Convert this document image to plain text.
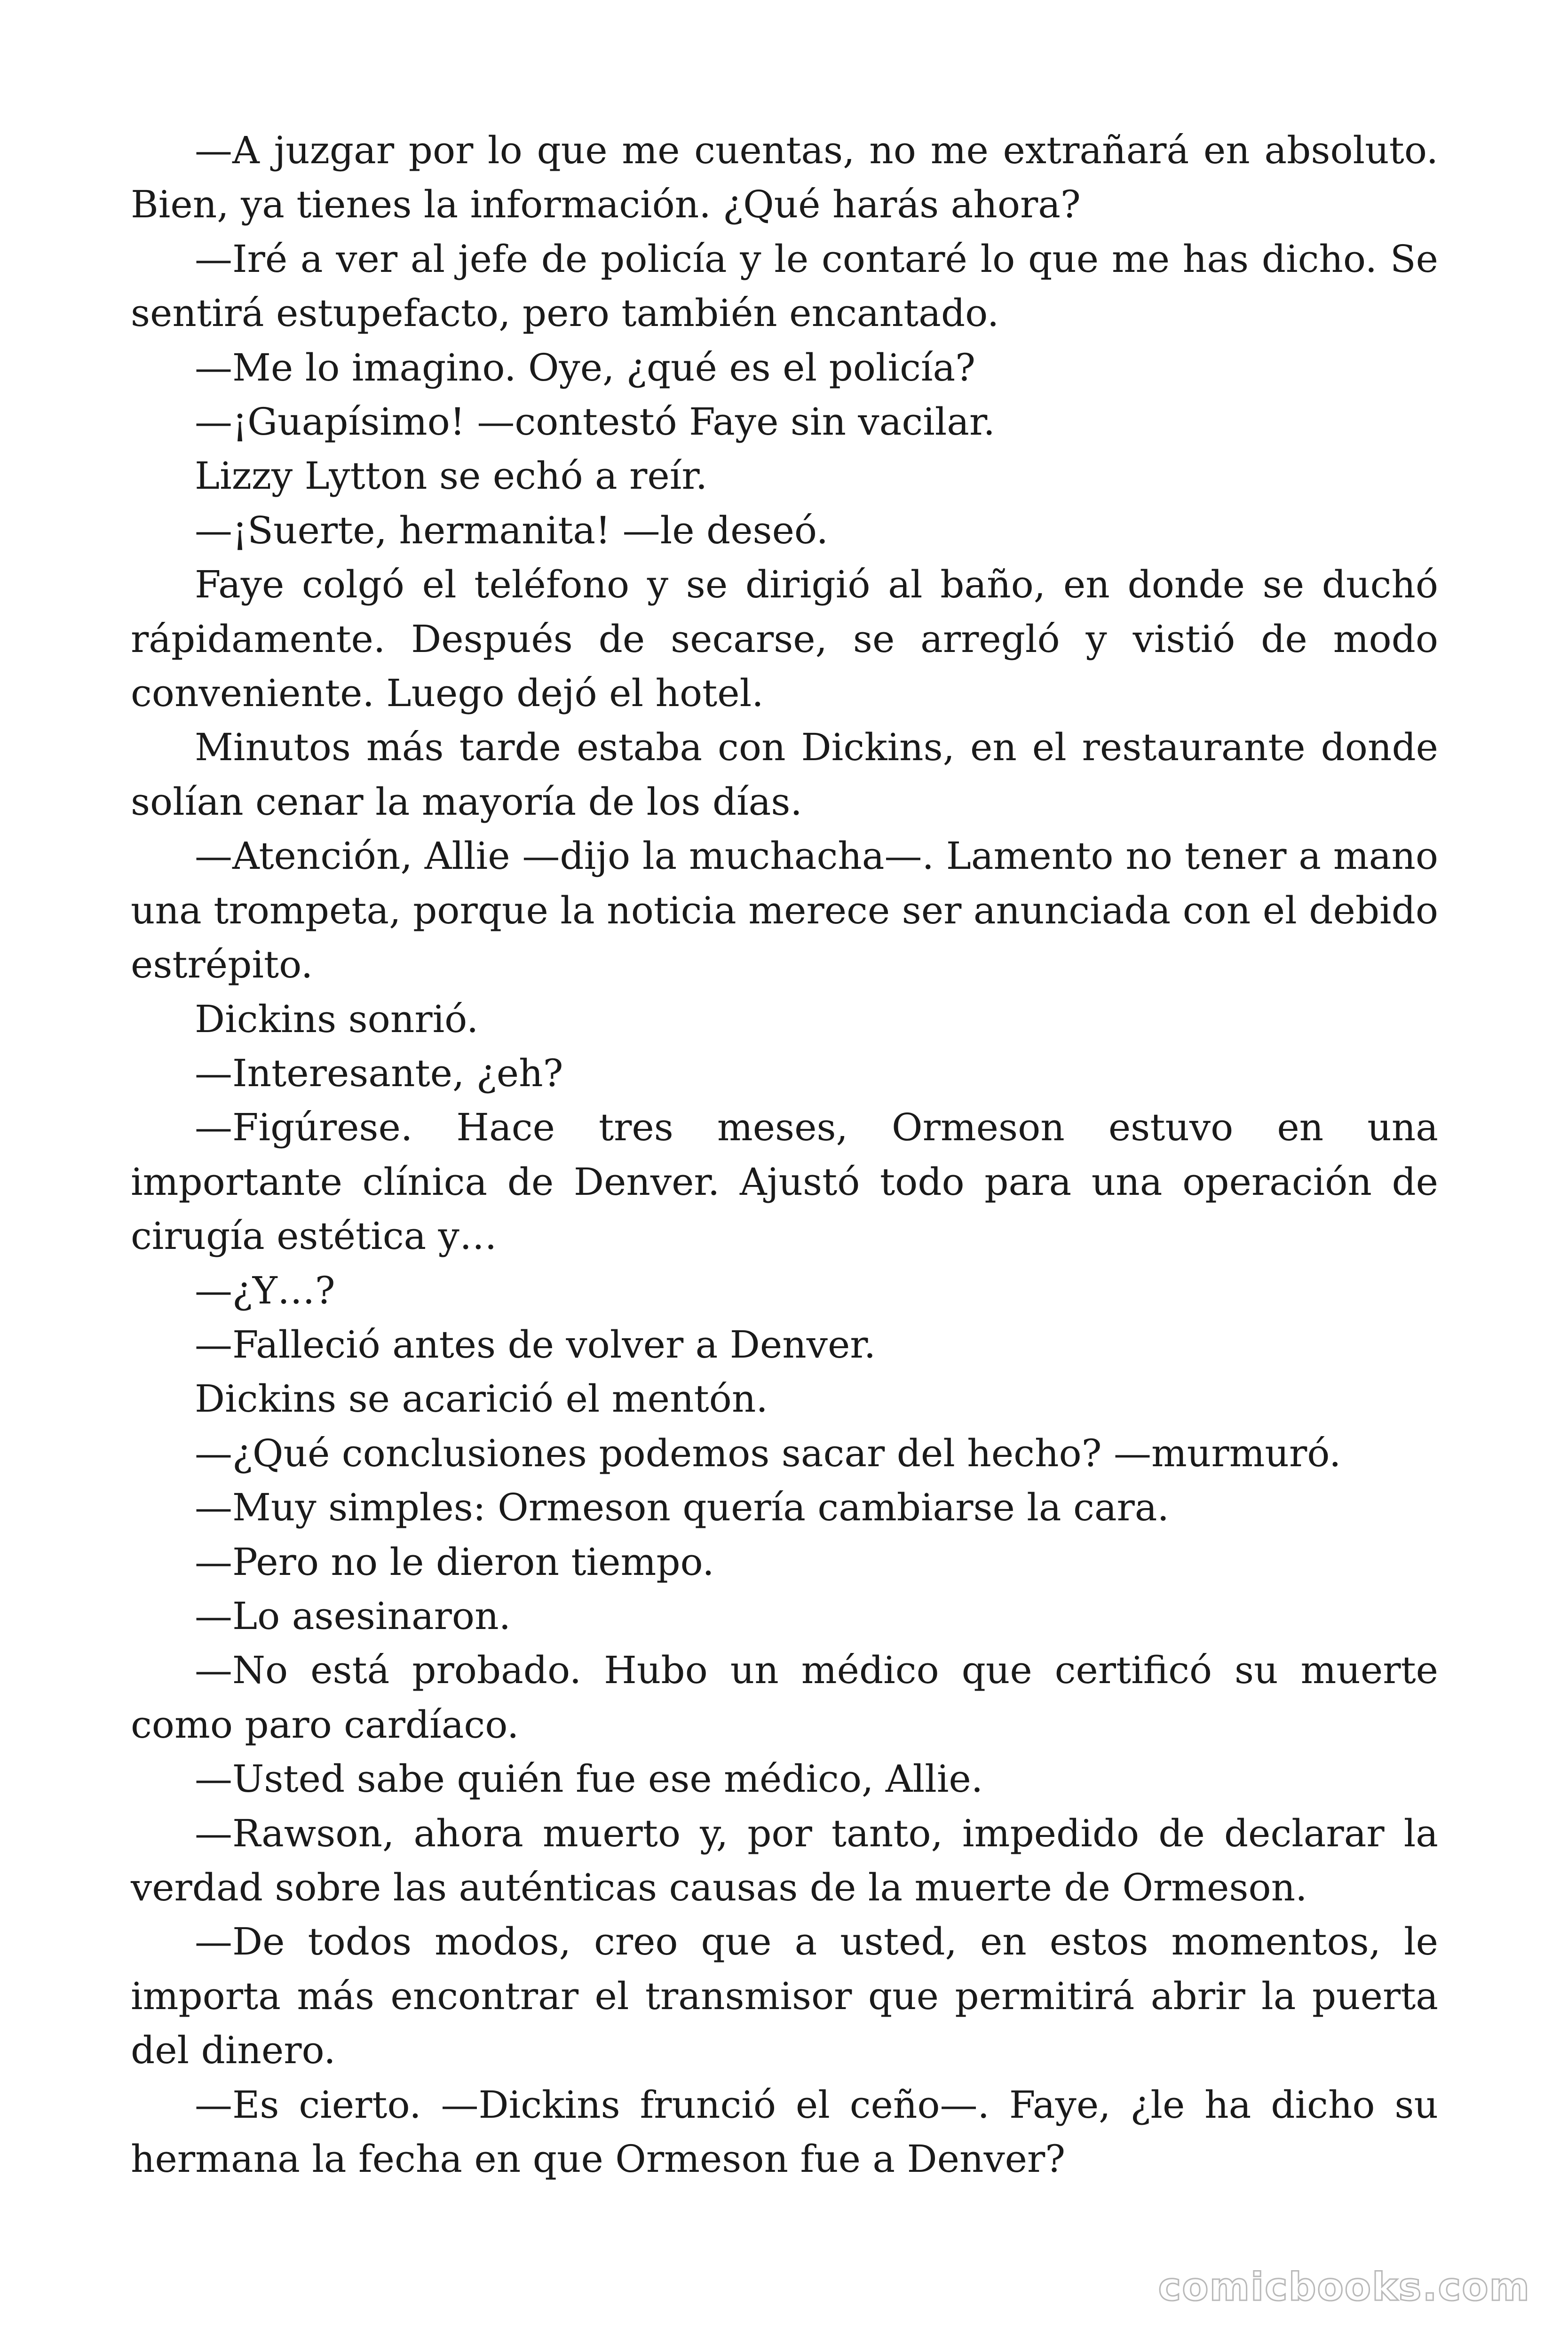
—A juzgar por lo que me cuentas, no me extrañará en absoluto. Bien, ya tienes la información. ¿Qué harás ahora?

—Iré a ver al jefe de policía y le contaré lo que me has dicho. Se sentirá estupefacto, pero también encantado.

—Me lo imagino. Oye, ¿qué es el policía?

—¡Guapísimo! —contestó Faye sin vacilar.

Lizzy Lytton se echó a reír.

—¡Suerte, hermanita! —le deseó.

Faye colgó el teléfono y se dirigió al baño, en donde se duchó rápidamente. Después de secarse, se arregló y vistió de modo conveniente. Luego dejó el hotel.

Minutos más tarde estaba con Dickins, en el restaurante donde solían cenar la mayoría de los días.

—Atención, Allie —dijo la muchacha—. Lamento no tener a mano una trompeta, porque la noticia merece ser anunciada con el debido estrépito.

Dickins sonrió.

—Interesante, ¿eh?

—Figúrese. Hace tres meses, Ormeson estuvo en una importante clínica de Denver. Ajustó todo para una operación de cirugía estética y…

—¿Y…?

—Falleció antes de volver a Denver.

Dickins se acarició el mentón.

—¿Qué conclusiones podemos sacar del hecho? —murmuró.

—Muy simples: Ormeson quería cambiarse la cara.

—Pero no le dieron tiempo.

—Lo asesinaron.

—No está probado. Hubo un médico que certificó su muerte como paro cardíaco.

—Usted sabe quién fue ese médico, Allie.

—Rawson, ahora muerto y, por tanto, impedido de declarar la verdad sobre las auténticas causas de la muerte de Ormeson.

—De todos modos, creo que a usted, en estos momentos, le importa más encontrar el transmisor que permitirá abrir la puerta del dinero.

—Es cierto. —Dickins frunció el ceño—. Faye, ¿le ha dicho su hermana la fecha en que Ormeson fue a Denver?

comicbooks.com
